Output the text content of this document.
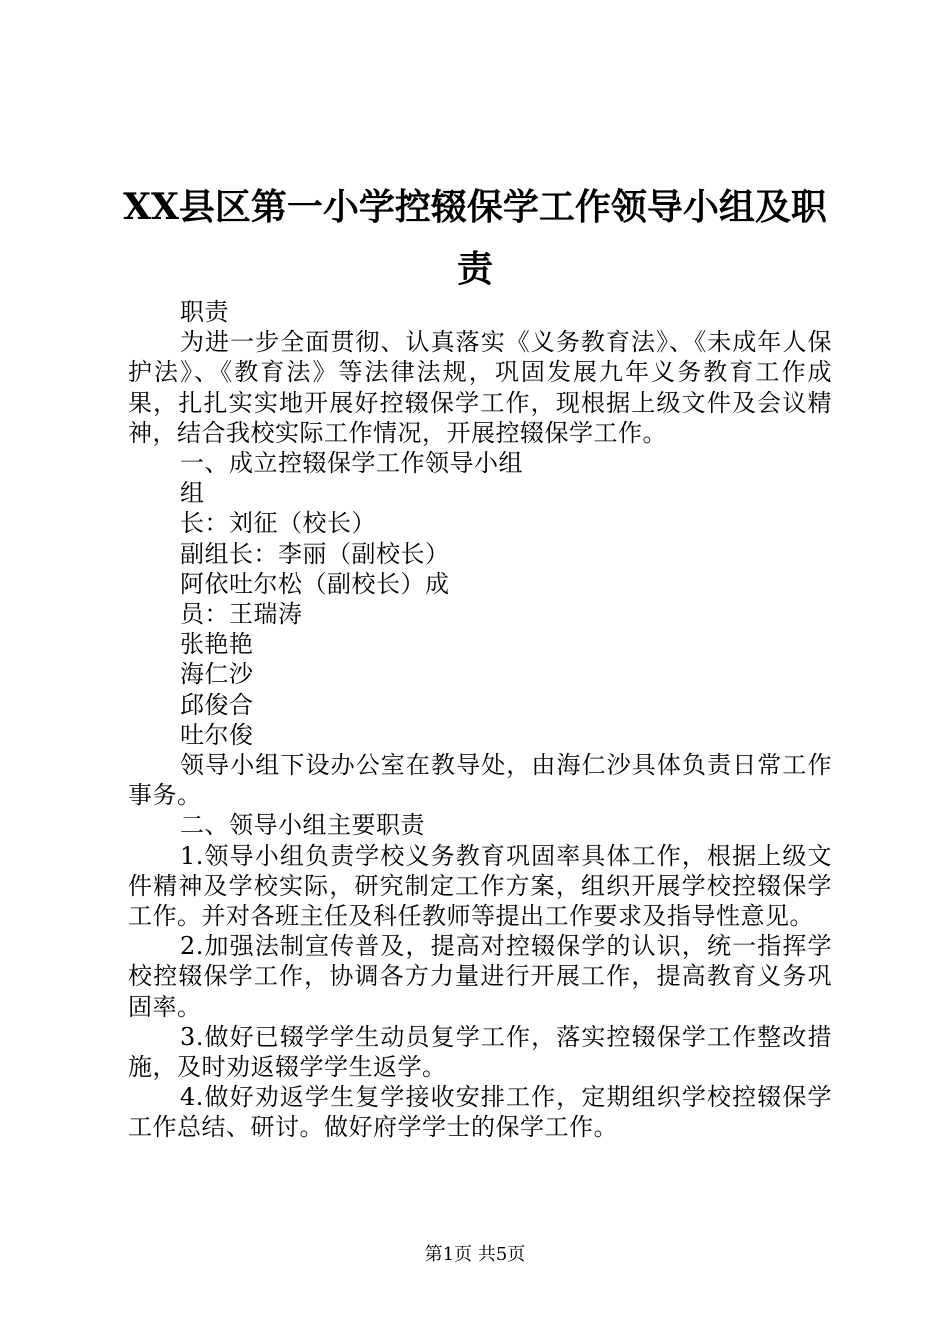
XX县区第一小学控辍保学工作领导小组及职
责

职责

为进一步全面贯彻、认真落实《义务教育法》、《未成年人保护法》、《教育法》等法律法规，巩固发展九年义务教育工作成果，扎扎实实地开展好控辍保学工作，现根据上级文件及会议精神，结合我校实际工作情况，开展控辍保学工作。

一、成立控辍保学工作领导小组

组

长：刘征（校长）

副组长：李丽（副校长）

阿依吐尔松（副校长）成

员：王瑞涛

张艳艳

海仁沙

邱俊合

吐尔俊

领导小组下设办公室在教导处，由海仁沙具体负责日常工作事务。

二、领导小组主要职责

1.领导小组负责学校义务教育巩固率具体工作，根据上级文件精神及学校实际，研究制定工作方案，组织开展学校控辍保学工作。并对各班主任及科任教师等提出工作要求及指导性意见。

2.加强法制宣传普及，提高对控辍保学的认识，统一指挥学校控辍保学工作，协调各方力量进行开展工作，提高教育义务巩固率。

3.做好已辍学学生动员复学工作，落实控辍保学工作整改措施，及时劝返辍学学生返学。

4.做好劝返学生复学接收安排工作，定期组织学校控辍保学工作总结、研讨。做好府学学士的保学工作。

第1页 共5页
